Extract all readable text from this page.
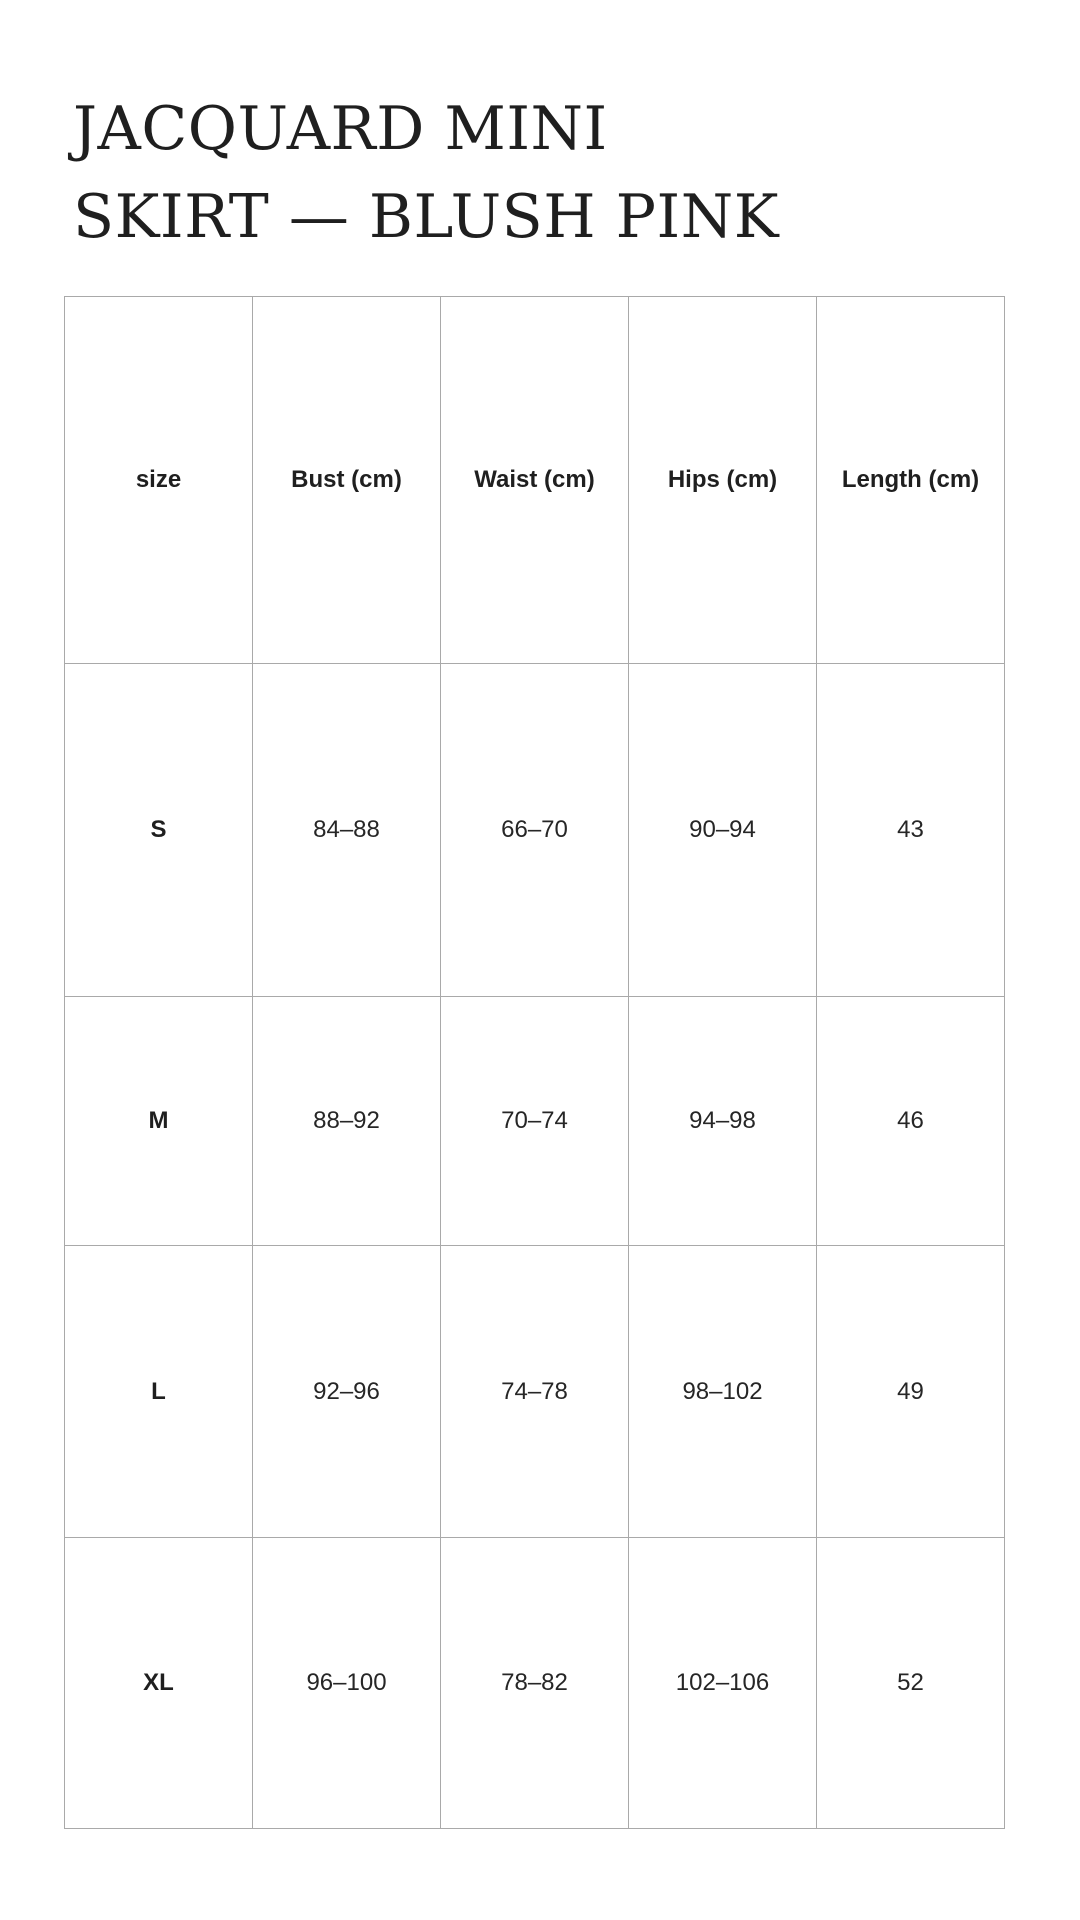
JACQUARD MINI
SKIRT — BLUSH PINK
size	Bust (cm)	Waist (cm)	Hips (cm)	Length (cm)
S	84–88	66–70	90–94	43
M	88–92	70–74	94–98	46
L	92–96	74–78	98–102	49
XL	96–100	78–82	102–106	52
